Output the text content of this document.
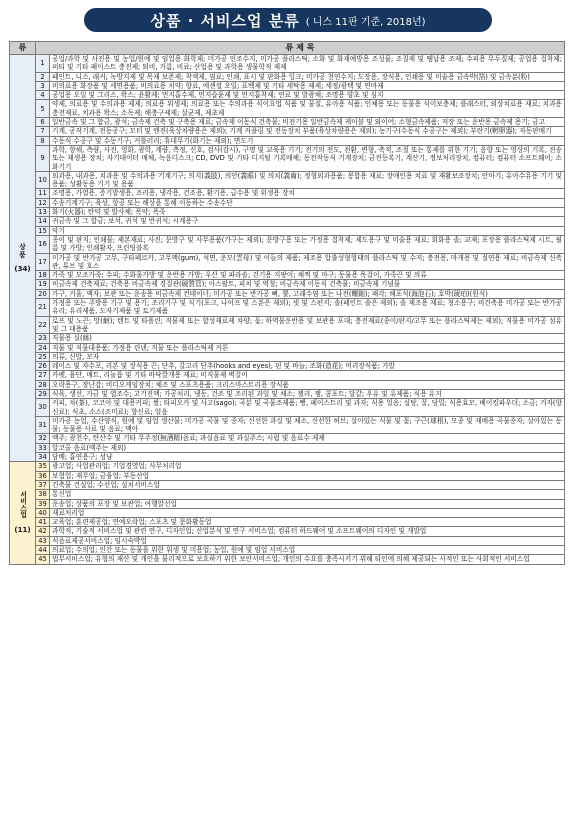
상품 · 서비스업 분류 ( 니스 11판 기준, 2018년)
류	류 제 목	
상
품
(34)	1	공업/과학 및 사진용 및 농업/원예 및 임업용 화학제; 미가공 인조수지, 미가공 플라스틱; 소화 및 화재예방용 조성물; 조질제 및 땜납용 조제; 수피용 무두질제; 공업용 접착제; 퍼티 및 기타 페이스트 충전제; 퇴비, 거름, 비료; 산업용 및 과학용 생물학적 제제
	2	페인트, 니스, 래커; 녹방지제 및 목재 보존제; 착색제, 염료; 인쇄, 표시 및 판화용 잉크; 미가공 천연수지; 도장용, 장식용, 인쇄용 및 미술용 금속박(箔) 및 금속분(粉)
	3	비의료용 화장품 및 세면용품; 비의료용 치약; 향료, 에센셜 오일; 표백제 및 기타 세탁용 제제; 세정/광택 및 연마재
	4	공업용 오일 및 그리스, 왁스; 윤활제; 먼지흡수제, 먼지습윤제 및 먼지흡착제; 연료 및 발광체; 조명용 양초 및 심지
	5	약제, 의료용 및 수의과용 제제; 의료용 위생제; 의료용 또는 수의과용 식이요법 식품 및 물질, 유아용 식품; 인체용 또는 동물용 식이보충제; 플래스터, 외상치료용 재료; 치과용 충전재료, 치과용 왁스; 소독제; 해충구제제; 살균제, 제초제
	6	일반금속 및 그 합금, 광석; 금속제 건축 및 구축용 재료; 금속제 이동식 건축물; 비전기용 일반금속제 케이블 및 와이어; 소형금속제품; 저장 또는 운반용 금속제 용기; 금고
	7	기계, 공작기계, 전동공구; 모터 및 엔진(육상차량용은 제외); 기계 커플링 및 전동장치 부품(육상차량용은 제외); 농기구(수동식 수공구는 제외); 부란기(孵卵器); 자동판매기
	8	수동식 수공구 및 수동기구; 커틀러리; 휴대무기(화기는 제외); 면도기
	9	과학, 항해, 측량, 사진, 영화, 광학, 계량, 측정, 신호, 검사(감시), 구명 및 교육용 기기; 전기의 전도, 전환, 변형, 축적, 조절 또는 통제를 위한 기기; 음향 또는 영상의 기록, 전송 또는 재생용 장치; 자기데이터 매체, 녹음디스크; CD, DVD 및 기타 디지털 기록매체; 동전작동식 기계장치; 금전등록기, 계산기, 정보처리장치, 컴퓨터; 컴퓨터 소프트웨어; 소화기기
	10	외과용, 내과용, 치과용 및 수의과용 기계기구; 의지(義肢), 의안(義眼) 및 의치(義齒); 정형외과용품; 봉합용 재료; 장애인용 치료 및 재활보조장치; 안마기; 유아수유용 기기 및 용품; 성활동용 기기 및 용품
	11	조명용, 가열용, 증기발생용, 조리용, 냉각용, 건조용, 환기용, 급수용 및 위생용 장치
	12	수송기계기구; 육상, 항공 또는 해상을 통해 이동하는 수송수단
	13	화기(火器); 탄약 및 발사체; 폭약; 폭죽
	14	귀금속 및 그 합금; 보석, 귀석 및 반귀석; 시계용구
	15	악기
	16	종이 및 판지; 인쇄물; 제본재료; 사진; 문방구 및 사무용품(가구는 제외); 문방구용 또는 가정용 접착제; 제도용구 및 미술용 재료; 회화용 솔; 교재; 포장용 플라스틱제 시트, 필름 및 가방; 인쇄활자, 프린팅블록
	17	미가공 및 반가공 고무, 구타페르카, 고무액(gum), 석면, 운모(雲母) 및 이들의 제품; 제조용 압출성형형태의 플라스틱 및 수지; 충전용, 마개용 및 절연용 재료; 비금속제 신축관, 튜브 및 호스
	18	가죽 및 모조가죽; 수피; 수화물가방 및 운반용 가방; 우산 및 파라솔; 걷기용 지팡이; 채찍 및 마구; 동물용 목걸이, 가죽끈 및 의류
	19	비금속제 건축재료; 건축용 비금속제 경질관(硬質管); 아스팔트, 피치 및 역청; 비금속제 이동식 건축물; 비금속제 기념물
	20	가구, 거울, 액자; 보관 또는 운송용 비금속제 컨테이너; 미가공 또는 반가공 뼈, 뿔, 고래수염 또는 나전(螺鈿); 패각; 해포석(海泡石); 호박(琥珀)(원석)
	21	가정용 또는 주방용 기구 및 용기; 조리기구 및 식기(포크, 나이프 및 스푼은 제외); 빗 및 스펀지; 솔(페인트 솔은 제외); 솔 제조용 재료; 청소용구; 비건축용 미가공 또는 반가공 유리; 유리제품, 도자기제품 및 토기제품
	22	로프 및 노끈; 망(網); 텐트 및 타폴린; 직물제 또는 합성재료제 차양; 돛; 하역물운반용 및 보관용 포대; 충전재료(종이/판지/고무 또는 플라스틱제는 제외); 직물용 미가공 섬유 및 그 대용품
	23	직물용 실(絲)
	24	직물 및 직물대용품; 가정용 린넨; 직물 또는 플라스틱제 커튼
	25	의류, 신발, 모자
	26	레이스 및 자수포, 리본 및 장식용 끈; 단추, 갈고리 단추(hooks and eyes), 핀 및 바늘; 조화(造花); 머리장식품; 가발
	27	카펫, 융단, 매트, 리놀륨 및 기타 바닥깔개용 재료; 비직물제 벽걸이
	28	오락용구, 장난감; 비디오게임장치; 체조 및 스포츠용품; 크리스마스트리용 장식품
	29	식육, 생선, 가금 및 엽조수; 고기진액; 가공처리, 냉동, 건조 및 조리된 과일 및 채소; 젤리, 잼, 콤포트; 달걀; 우유 및 유제품; 식용 유지
	30	커피, 차(茶), 코코아 및 대용커피; 쌀; 타피오카 및 사고(sago); 곡분 및 곡물조제품; 빵, 페이스트리 및 과자; 식용 얼음; 설탕, 꿀, 당밀; 식용효모, 베이킹파우더; 소금; 겨자(향신료); 식초, 소스(조미료); 향신료; 얼음
	31	미가공 농업, 수산양식, 원예 및 임업 생산물; 미가공 곡물 및 종자; 신선한 과실 및 채소, 신선한 허브; 살아있는 식물 및 꽃; 구근(球根), 모종 및 재배용 곡물종자; 살아있는 동물; 동물용 사료 및 음료; 맥아
	32	맥주; 광천수, 탄산수 및 기타 무주정(無酒精)음료; 과실음료 및 과실주스; 시럽 및 음료수 제제
	33	알코올 음료(맥주는 제외)
	34	담배; 흡연용구; 성냥
서비스업
(11)	35	광고업; 사업관리업; 기업경영업; 사무처리업
	36	보험업; 재무업; 금융업; 부동산업
	37	건축물 건설업; 수선업; 설치서비스업
	38	통신업
	39	운송업; 상품의 포장 및 보관업; 여행알선업
	40	재료처리업
	41	교육업; 훈련제공업; 연예오락업; 스포츠 및 문화활동업
	42	과학적, 기술적 서비스업 및 관련 연구, 디자인업; 산업분석 및 연구 서비스업; 컴퓨터 하드웨어 및 소프트웨어의 디자인 및 개발업
	43	식음료제공서비스업; 임시숙박업
	44	의료업; 수의업; 인간 또는 동물을 위한 위생 및 미용업; 농업, 원예 및 임업 서비스업
	45	법무서비스업; 유형의 재산 및 개인을 물리적으로 보호하기 위한 보안서비스업; 개인의 수요를 충족시키기 위해 타인에 의해 제공되는 사적인 또는 사회적인 서비스업
